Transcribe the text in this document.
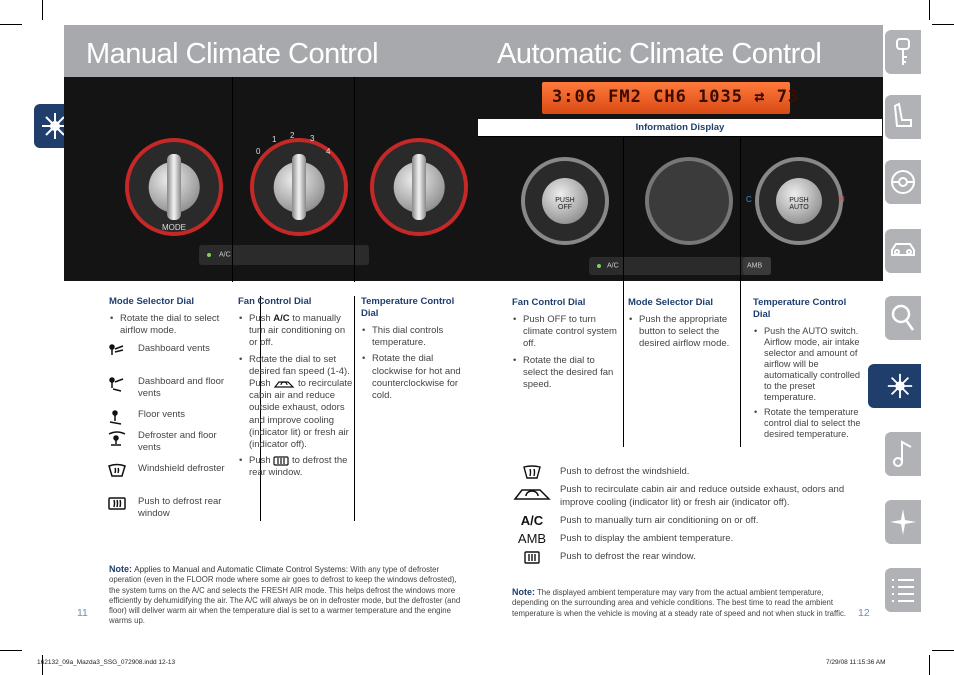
Manual Climate Control	Automatic Climate Control
MODE
0
1 2 3
4
A/C
PUSH OFF
PUSH AUTO
C	H
A/C	AMB
3:06 FM2 CH6 1035 ⇄ 73
Information Display
Mode Selector Dial
• Rotate the dial to select airflow mode.
Dashboard vents
Dashboard and floor vents
Floor vents
Defroster and floor vents
Windshield defroster
Push to defrost rear window
Fan Control Dial
• Push A/C to manually turn air conditioning on or off.
• Rotate the dial to set desired fan speed (1-4). Push	to recirculate cabin air and reduce outside exhaust, odors and improve cooling (indicator lit) or fresh air (indicator off).
• Push  to defrost the rear window.
Temperature Control Dial
• This dial controls temperature.
• Rotate the dial clockwise for hot and counterclockwise for cold.
Note: Applies to Manual and Automatic Climate Control Systems: With any type of defroster operation (even in the FLOOR mode where some air goes to defrost to keep the windows defrosted), the system turns on the A/C and selects the FRESH AIR mode. This helps defrost the windows more efficiently by dehumidifying the air. The A/C will always be on in defroster mode, but the defroster (and floor) will deliver warm air when the temperature dial is set to a warmer temperature and the engine warms up.
11
Fan Control Dial
• Push OFF to turn climate control system off.
• Rotate the dial to select the desired fan speed.
Mode Selector Dial
• Push the appropriate button to select the desired airflow mode.
Temperature Control Dial
• Push the AUTO switch. Airflow mode, air intake selector and amount of airflow will be automatically controlled to the preset temperature.
• Rotate the temperature control dial to select the desired temperature.
Push to defrost the windshield.
Push to recirculate cabin air and reduce outside exhaust, odors and improve cooling (indicator lit) or fresh air (indicator off).
A/C	Push to manually turn air conditioning on or off.
AMB	Push to display the ambient temperature.
Push to defrost the rear window.
Note: The displayed ambient temperature may vary from the actual ambient temperature, depending on the surrounding area and vehicle conditions. The best time to read the ambient temperature is when the vehicle is moving at a steady rate of speed and not when stuck in traffic. 12
162132_09a_Mazda3_SSG_072908.indd 12-13	7/29/08 11:15:36 AM
